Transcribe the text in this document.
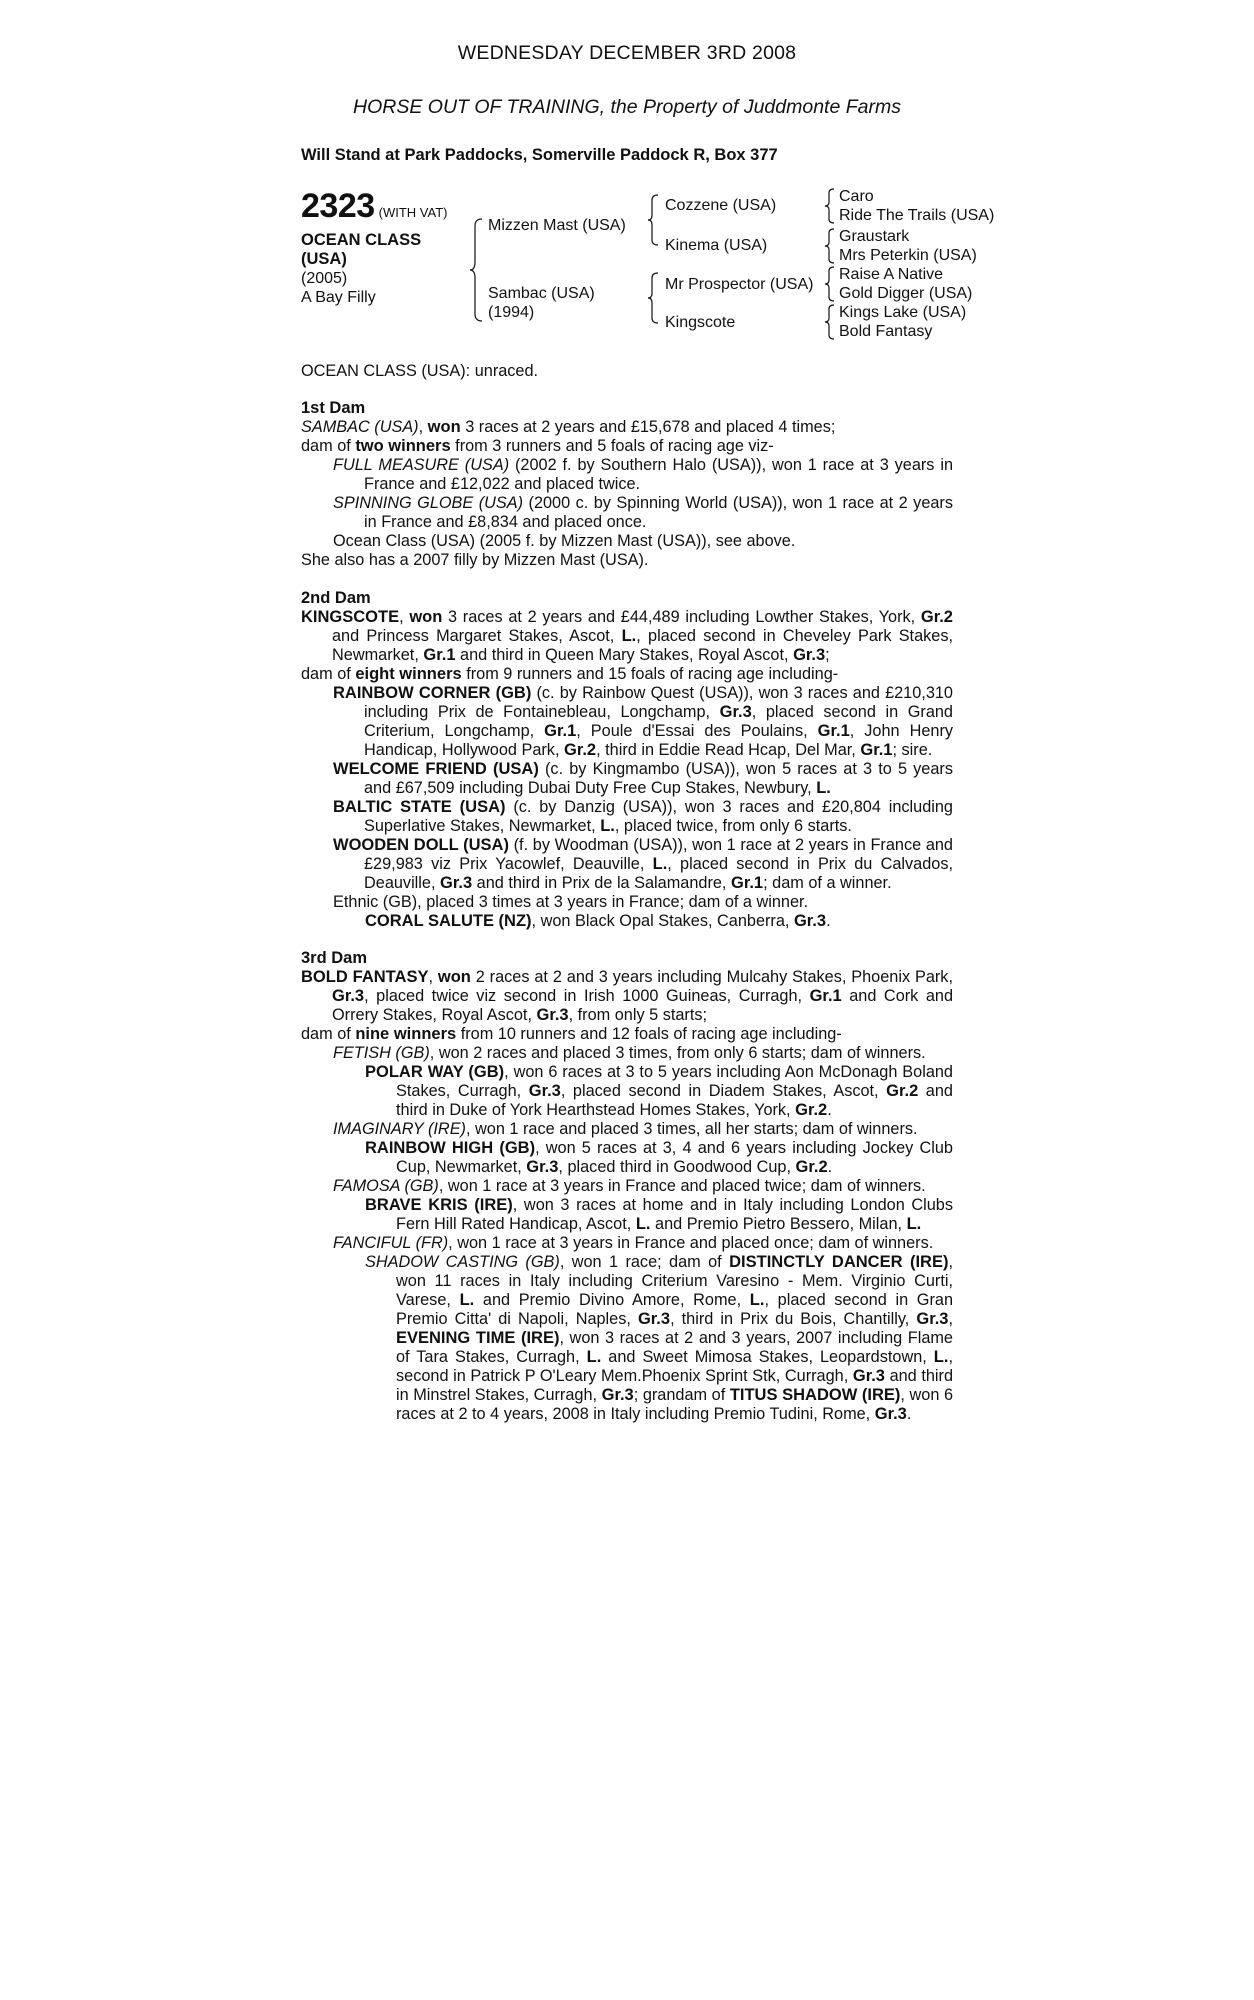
WEDNESDAY DECEMBER 3RD 2008
HORSE OUT OF TRAINING, the Property of Juddmonte Farms
Will Stand at Park Paddocks, Somerville Paddock R, Box 377
2323 (WITH VAT)
OCEAN CLASS
(USA)
(2005)
A Bay Filly
Mizzen Mast (USA)
Sambac (USA)
(1994)
Cozzene (USA)
Kinema (USA)
Mr Prospector (USA)
Kingscote
Caro
Ride The Trails (USA)
Graustark
Mrs Peterkin (USA)
Raise A Native
Gold Digger (USA)
Kings Lake (USA)
Bold Fantasy
OCEAN CLASS (USA): unraced.
1st Dam

SAMBAC (USA), won 3 races at 2 years and £15,678 and placed 4 times;

dam of two winners from 3 runners and 5 foals of racing age viz-

FULL MEASURE (USA) (2002 f. by Southern Halo (USA)), won 1 race at 3 years in France and £12,022 and placed twice.

SPINNING GLOBE (USA) (2000 c. by Spinning World (USA)), won 1 race at 2 years in France and £8,834 and placed once.

Ocean Class (USA) (2005 f. by Mizzen Mast (USA)), see above.

She also has a 2007 filly by Mizzen Mast (USA).

2nd Dam

KINGSCOTE, won 3 races at 2 years and £44,489 including Lowther Stakes, York, Gr.2 and Princess Margaret Stakes, Ascot, L., placed second in Cheveley Park Stakes, Newmarket, Gr.1 and third in Queen Mary Stakes, Royal Ascot, Gr.3;

dam of eight winners from 9 runners and 15 foals of racing age including-

RAINBOW CORNER (GB) (c. by Rainbow Quest (USA)), won 3 races and £210,310 including Prix de Fontainebleau, Longchamp, Gr.3, placed second in Grand Criterium, Longchamp, Gr.1, Poule d'Essai des Poulains, Gr.1, John Henry Handicap, Hollywood Park, Gr.2, third in Eddie Read Hcap, Del Mar, Gr.1; sire.

WELCOME FRIEND (USA) (c. by Kingmambo (USA)), won 5 races at 3 to 5 years and £67,509 including Dubai Duty Free Cup Stakes, Newbury, L.

BALTIC STATE (USA) (c. by Danzig (USA)), won 3 races and £20,804 including Superlative Stakes, Newmarket, L., placed twice, from only 6 starts.

WOODEN DOLL (USA) (f. by Woodman (USA)), won 1 race at 2 years in France and £29,983 viz Prix Yacowlef, Deauville, L., placed second in Prix du Calvados, Deauville, Gr.3 and third in Prix de la Salamandre, Gr.1; dam of a winner.

Ethnic (GB), placed 3 times at 3 years in France; dam of a winner.

CORAL SALUTE (NZ), won Black Opal Stakes, Canberra, Gr.3.

3rd Dam

BOLD FANTASY, won 2 races at 2 and 3 years including Mulcahy Stakes, Phoenix Park, Gr.3, placed twice viz second in Irish 1000 Guineas, Curragh, Gr.1 and Cork and Orrery Stakes, Royal Ascot, Gr.3, from only 5 starts;

dam of nine winners from 10 runners and 12 foals of racing age including-

FETISH (GB), won 2 races and placed 3 times, from only 6 starts; dam of winners.

POLAR WAY (GB), won 6 races at 3 to 5 years including Aon McDonagh Boland Stakes, Curragh, Gr.3, placed second in Diadem Stakes, Ascot, Gr.2 and third in Duke of York Hearthstead Homes Stakes, York, Gr.2.

IMAGINARY (IRE), won 1 race and placed 3 times, all her starts; dam of winners.

RAINBOW HIGH (GB), won 5 races at 3, 4 and 6 years including Jockey Club Cup, Newmarket, Gr.3, placed third in Goodwood Cup, Gr.2.

FAMOSA (GB), won 1 race at 3 years in France and placed twice; dam of winners.

BRAVE KRIS (IRE), won 3 races at home and in Italy including London Clubs Fern Hill Rated Handicap, Ascot, L. and Premio Pietro Bessero, Milan, L.

FANCIFUL (FR), won 1 race at 3 years in France and placed once; dam of winners.

SHADOW CASTING (GB), won 1 race; dam of DISTINCTLY DANCER (IRE), won 11 races in Italy including Criterium Varesino - Mem. Virginio Curti, Varese, L. and Premio Divino Amore, Rome, L., placed second in Gran Premio Citta' di Napoli, Naples, Gr.3, third in Prix du Bois, Chantilly, Gr.3, EVENING TIME (IRE), won 3 races at 2 and 3 years, 2007 including Flame of Tara Stakes, Curragh, L. and Sweet Mimosa Stakes, Leopardstown, L., second in Patrick P O'Leary Mem.Phoenix Sprint Stk, Curragh, Gr.3 and third in Minstrel Stakes, Curragh, Gr.3; grandam of TITUS SHADOW (IRE), won 6 races at 2 to 4 years, 2008 in Italy including Premio Tudini, Rome, Gr.3.
